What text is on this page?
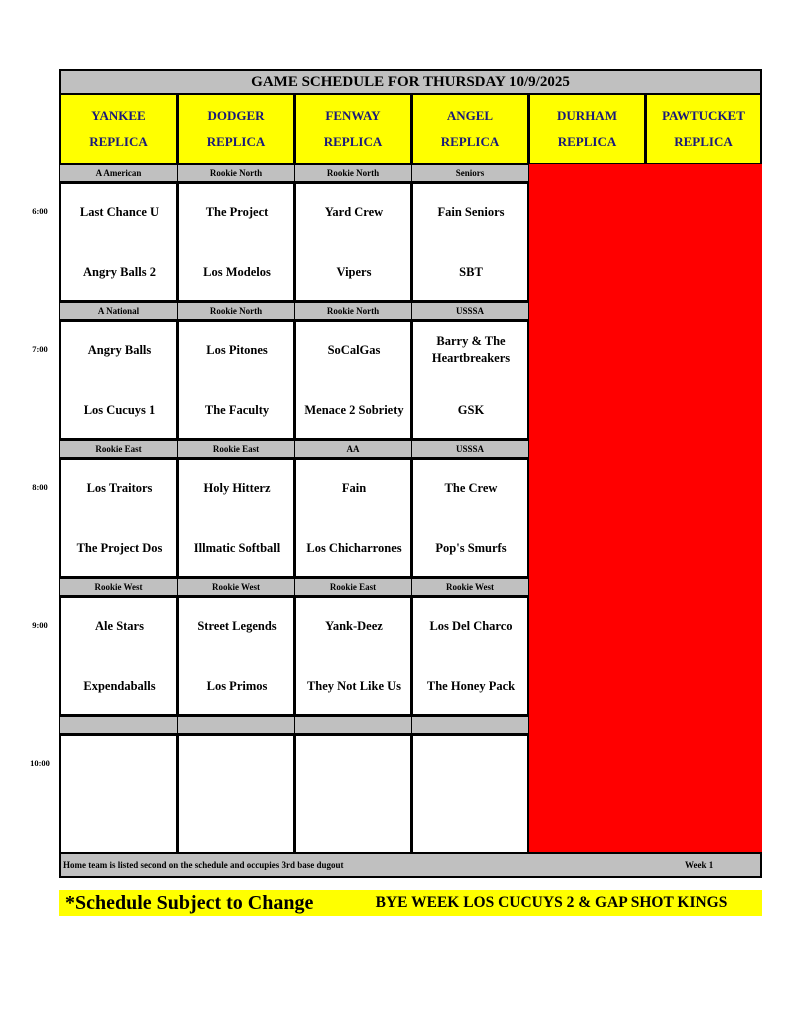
GAME SCHEDULE FOR THURSDAY 10/9/2025
YANKEE
REPLICA
DODGER
REPLICA
FENWAY
REPLICA
ANGEL
REPLICA
DURHAM
REPLICA
PAWTUCKET
REPLICA
6:00
A American
Last Chance U
Angry Balls 2
Rookie North
The Project
Los Modelos
Rookie North
Yard Crew
Vipers
Seniors
Fain Seniors
SBT
7:00
A National
Angry Balls
Los Cucuys 1
Rookie North
Los Pitones
The Faculty
Rookie North
SoCalGas
Menace 2 Sobriety
USSSA
Barry & The Heartbreakers
GSK
8:00
Rookie East
Los Traitors
The Project Dos
Rookie East
Holy Hitterz
Illmatic Softball
AA
Fain
Los Chicharrones
USSSA
The Crew
Pop's Smurfs
9:00
Rookie West
Ale Stars
Expendaballs
Rookie West
Street Legends
Los Primos
Rookie East
Yank-Deez
They Not Like Us
Rookie West
Los Del Charco
The Honey Pack
10:00
Home team is listed second on the schedule and occupies 3rd base dugout	Week 1
*Schedule Subject to Change	BYE WEEK LOS CUCUYS 2 & GAP SHOT KINGS
